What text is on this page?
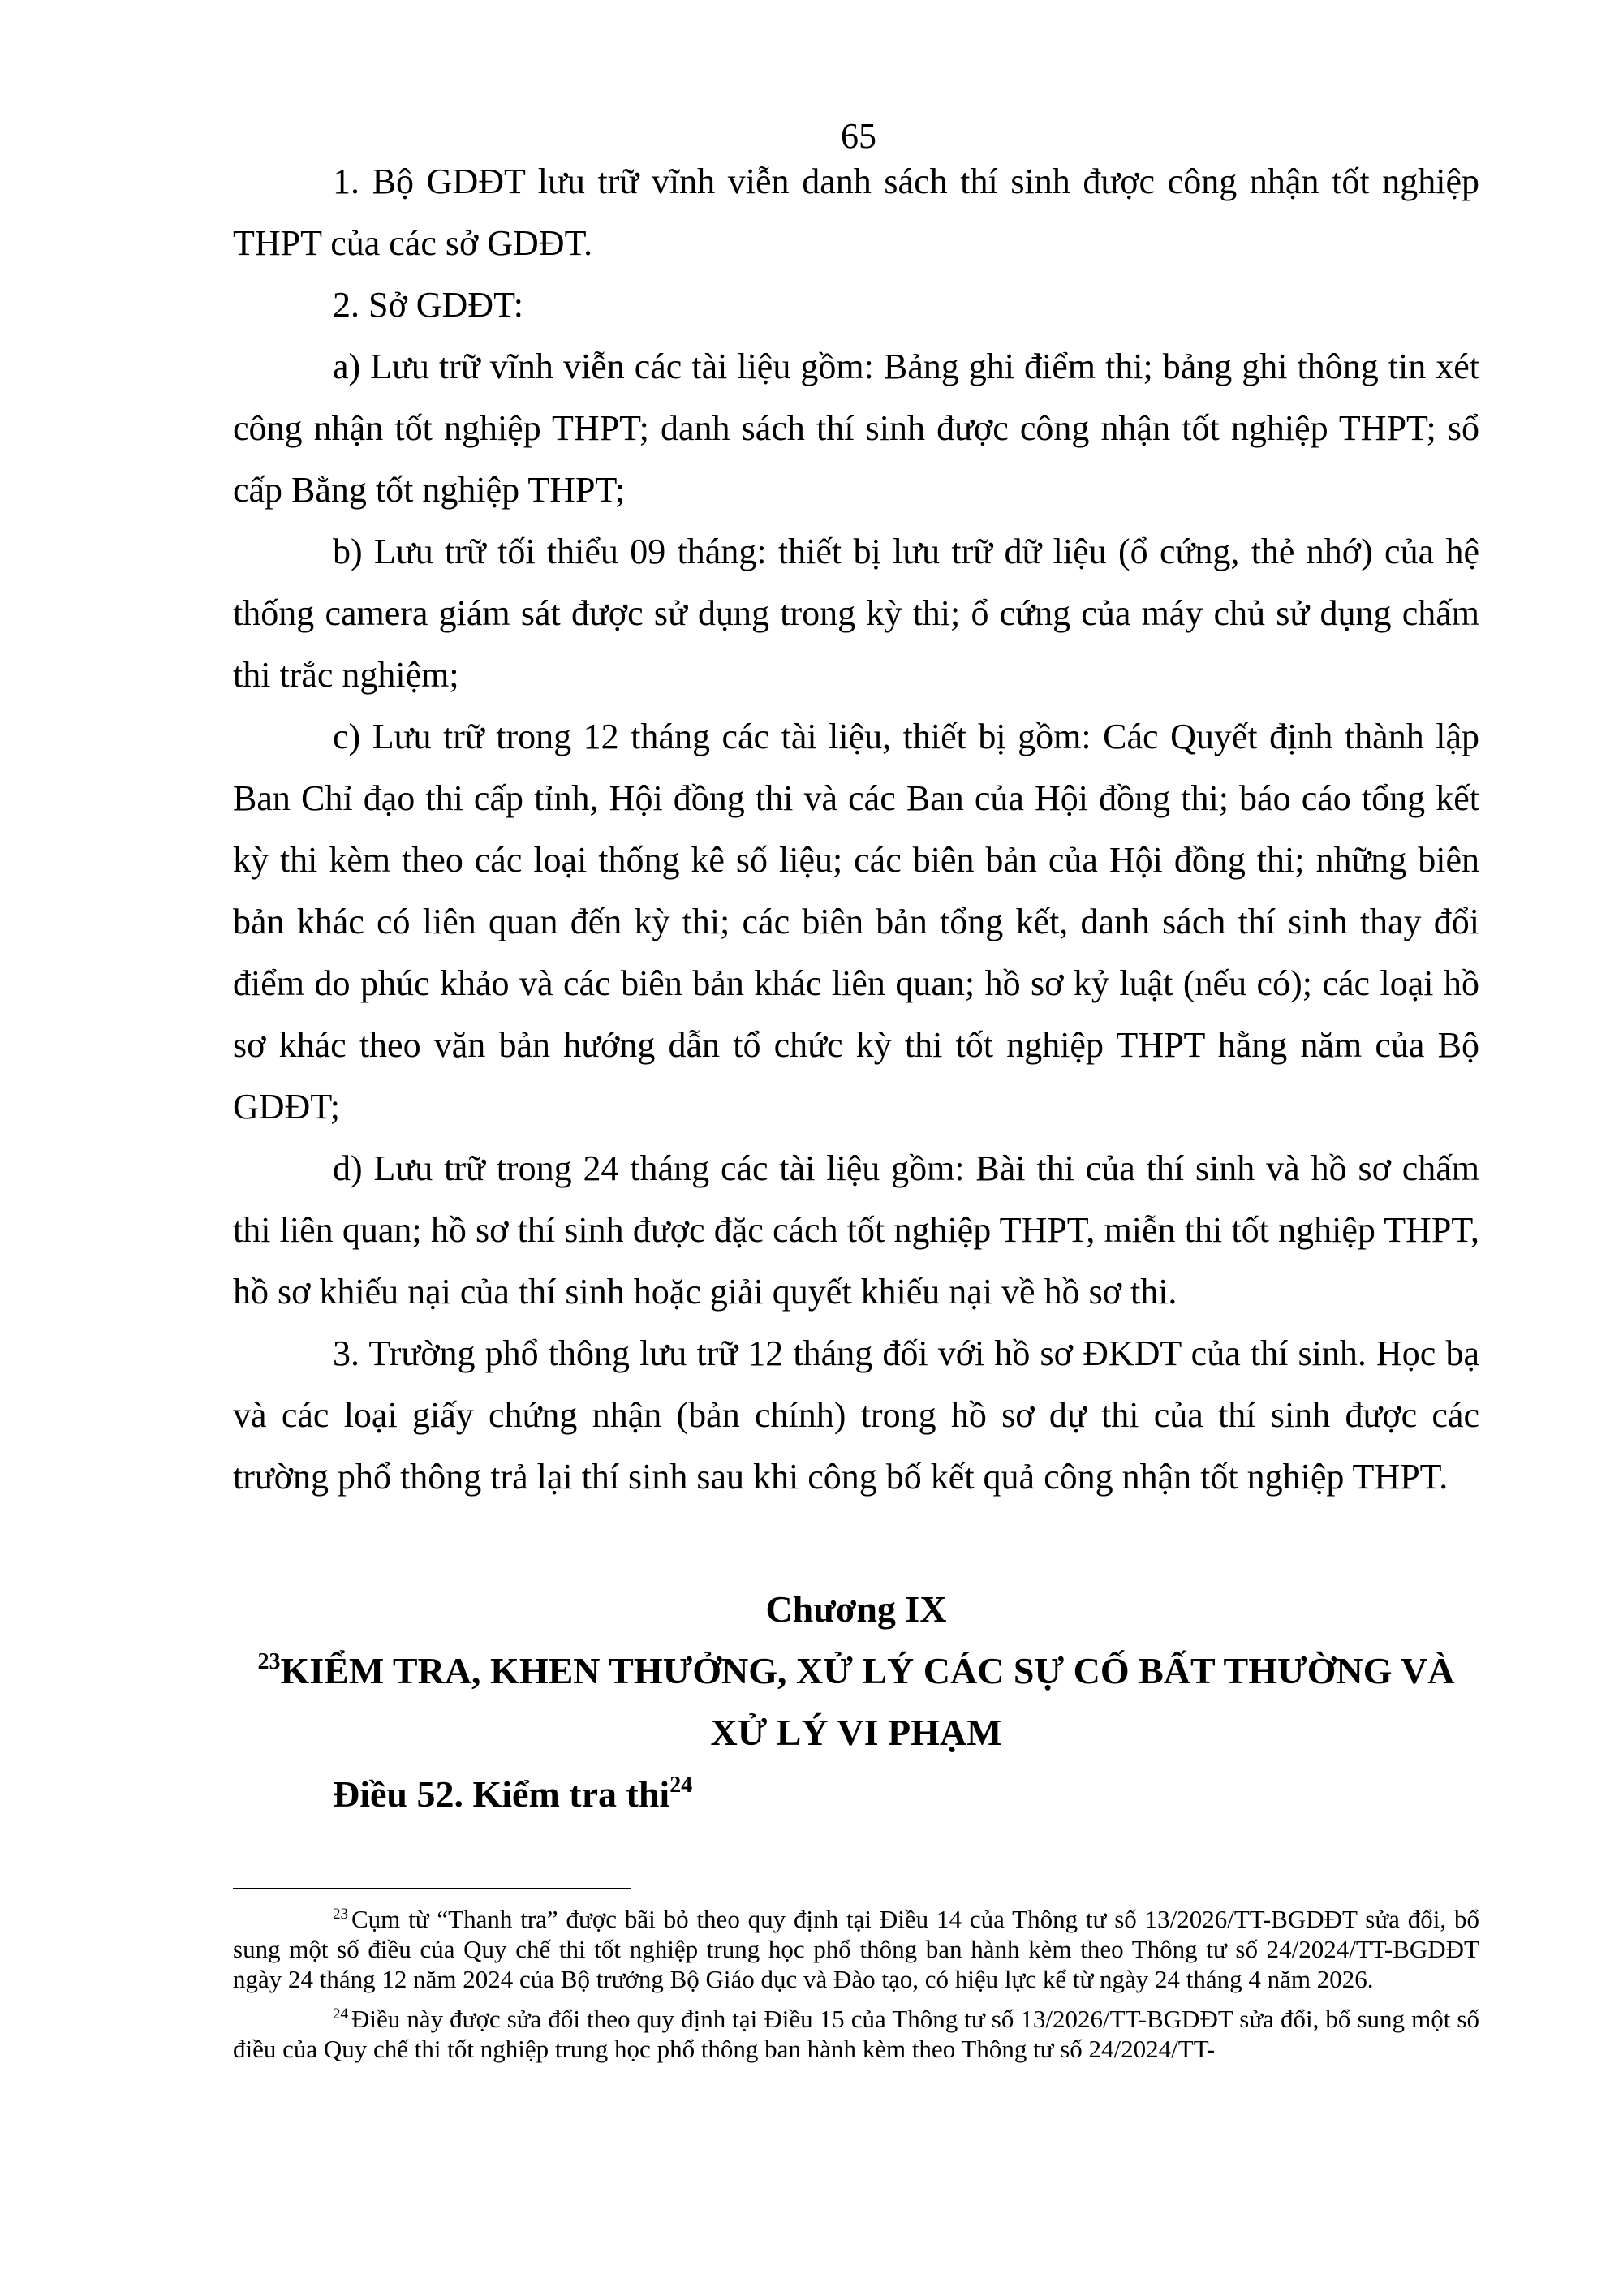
65

1. Bộ GDĐT lưu trữ vĩnh viễn danh sách thí sinh được công nhận tốt nghiệp THPT của các sở GDĐT.

2. Sở GDĐT:

a) Lưu trữ vĩnh viễn các tài liệu gồm: Bảng ghi điểm thi; bảng ghi thông tin xét công nhận tốt nghiệp THPT; danh sách thí sinh được công nhận tốt nghiệp THPT; sổ cấp Bằng tốt nghiệp THPT;

b) Lưu trữ tối thiểu 09 tháng: thiết bị lưu trữ dữ liệu (ổ cứng, thẻ nhớ) của hệ thống camera giám sát được sử dụng trong kỳ thi; ổ cứng của máy chủ sử dụng chấm thi trắc nghiệm;

c) Lưu trữ trong 12 tháng các tài liệu, thiết bị gồm: Các Quyết định thành lập Ban Chỉ đạo thi cấp tỉnh, Hội đồng thi và các Ban của Hội đồng thi; báo cáo tổng kết kỳ thi kèm theo các loại thống kê số liệu; các biên bản của Hội đồng thi; những biên bản khác có liên quan đến kỳ thi; các biên bản tổng kết, danh sách thí sinh thay đổi điểm do phúc khảo và các biên bản khác liên quan; hồ sơ kỷ luật (nếu có); các loại hồ sơ khác theo văn bản hướng dẫn tổ chức kỳ thi tốt nghiệp THPT hằng năm của Bộ GDĐT;

d) Lưu trữ trong 24 tháng các tài liệu gồm: Bài thi của thí sinh và hồ sơ chấm thi liên quan; hồ sơ thí sinh được đặc cách tốt nghiệp THPT, miễn thi tốt nghiệp THPT, hồ sơ khiếu nại của thí sinh hoặc giải quyết khiếu nại về hồ sơ thi.

3. Trường phổ thông lưu trữ 12 tháng đối với hồ sơ ĐKDT của thí sinh. Học bạ và các loại giấy chứng nhận (bản chính) trong hồ sơ dự thi của thí sinh được các trường phổ thông trả lại thí sinh sau khi công bố kết quả công nhận tốt nghiệp THPT.

Chương IX
$^{23}$KIỂM TRA, KHEN THƯỞNG, XỬ LÝ CÁC SỰ CỐ BẤT THƯỜNG VÀ
XỬ LÝ VI PHẠM
Điều 52. Kiểm tra thi$^{24}$

$^{23}$ Cụm từ “Thanh tra” được bãi bỏ theo quy định tại Điều 14 của Thông tư số 13/2026/TT-BGDĐT sửa đổi, bổ sung một số điều của Quy chế thi tốt nghiệp trung học phổ thông ban hành kèm theo Thông tư số 24/2024/TT-BGDĐT ngày 24 tháng 12 năm 2024 của Bộ trưởng Bộ Giáo dục và Đào tạo, có hiệu lực kể từ ngày 24 tháng 4 năm 2026.

$^{24}$ Điều này được sửa đổi theo quy định tại Điều 15 của Thông tư số 13/2026/TT-BGDĐT sửa đổi, bổ sung một số điều của Quy chế thi tốt nghiệp trung học phổ thông ban hành kèm theo Thông tư số 24/2024/TT-
